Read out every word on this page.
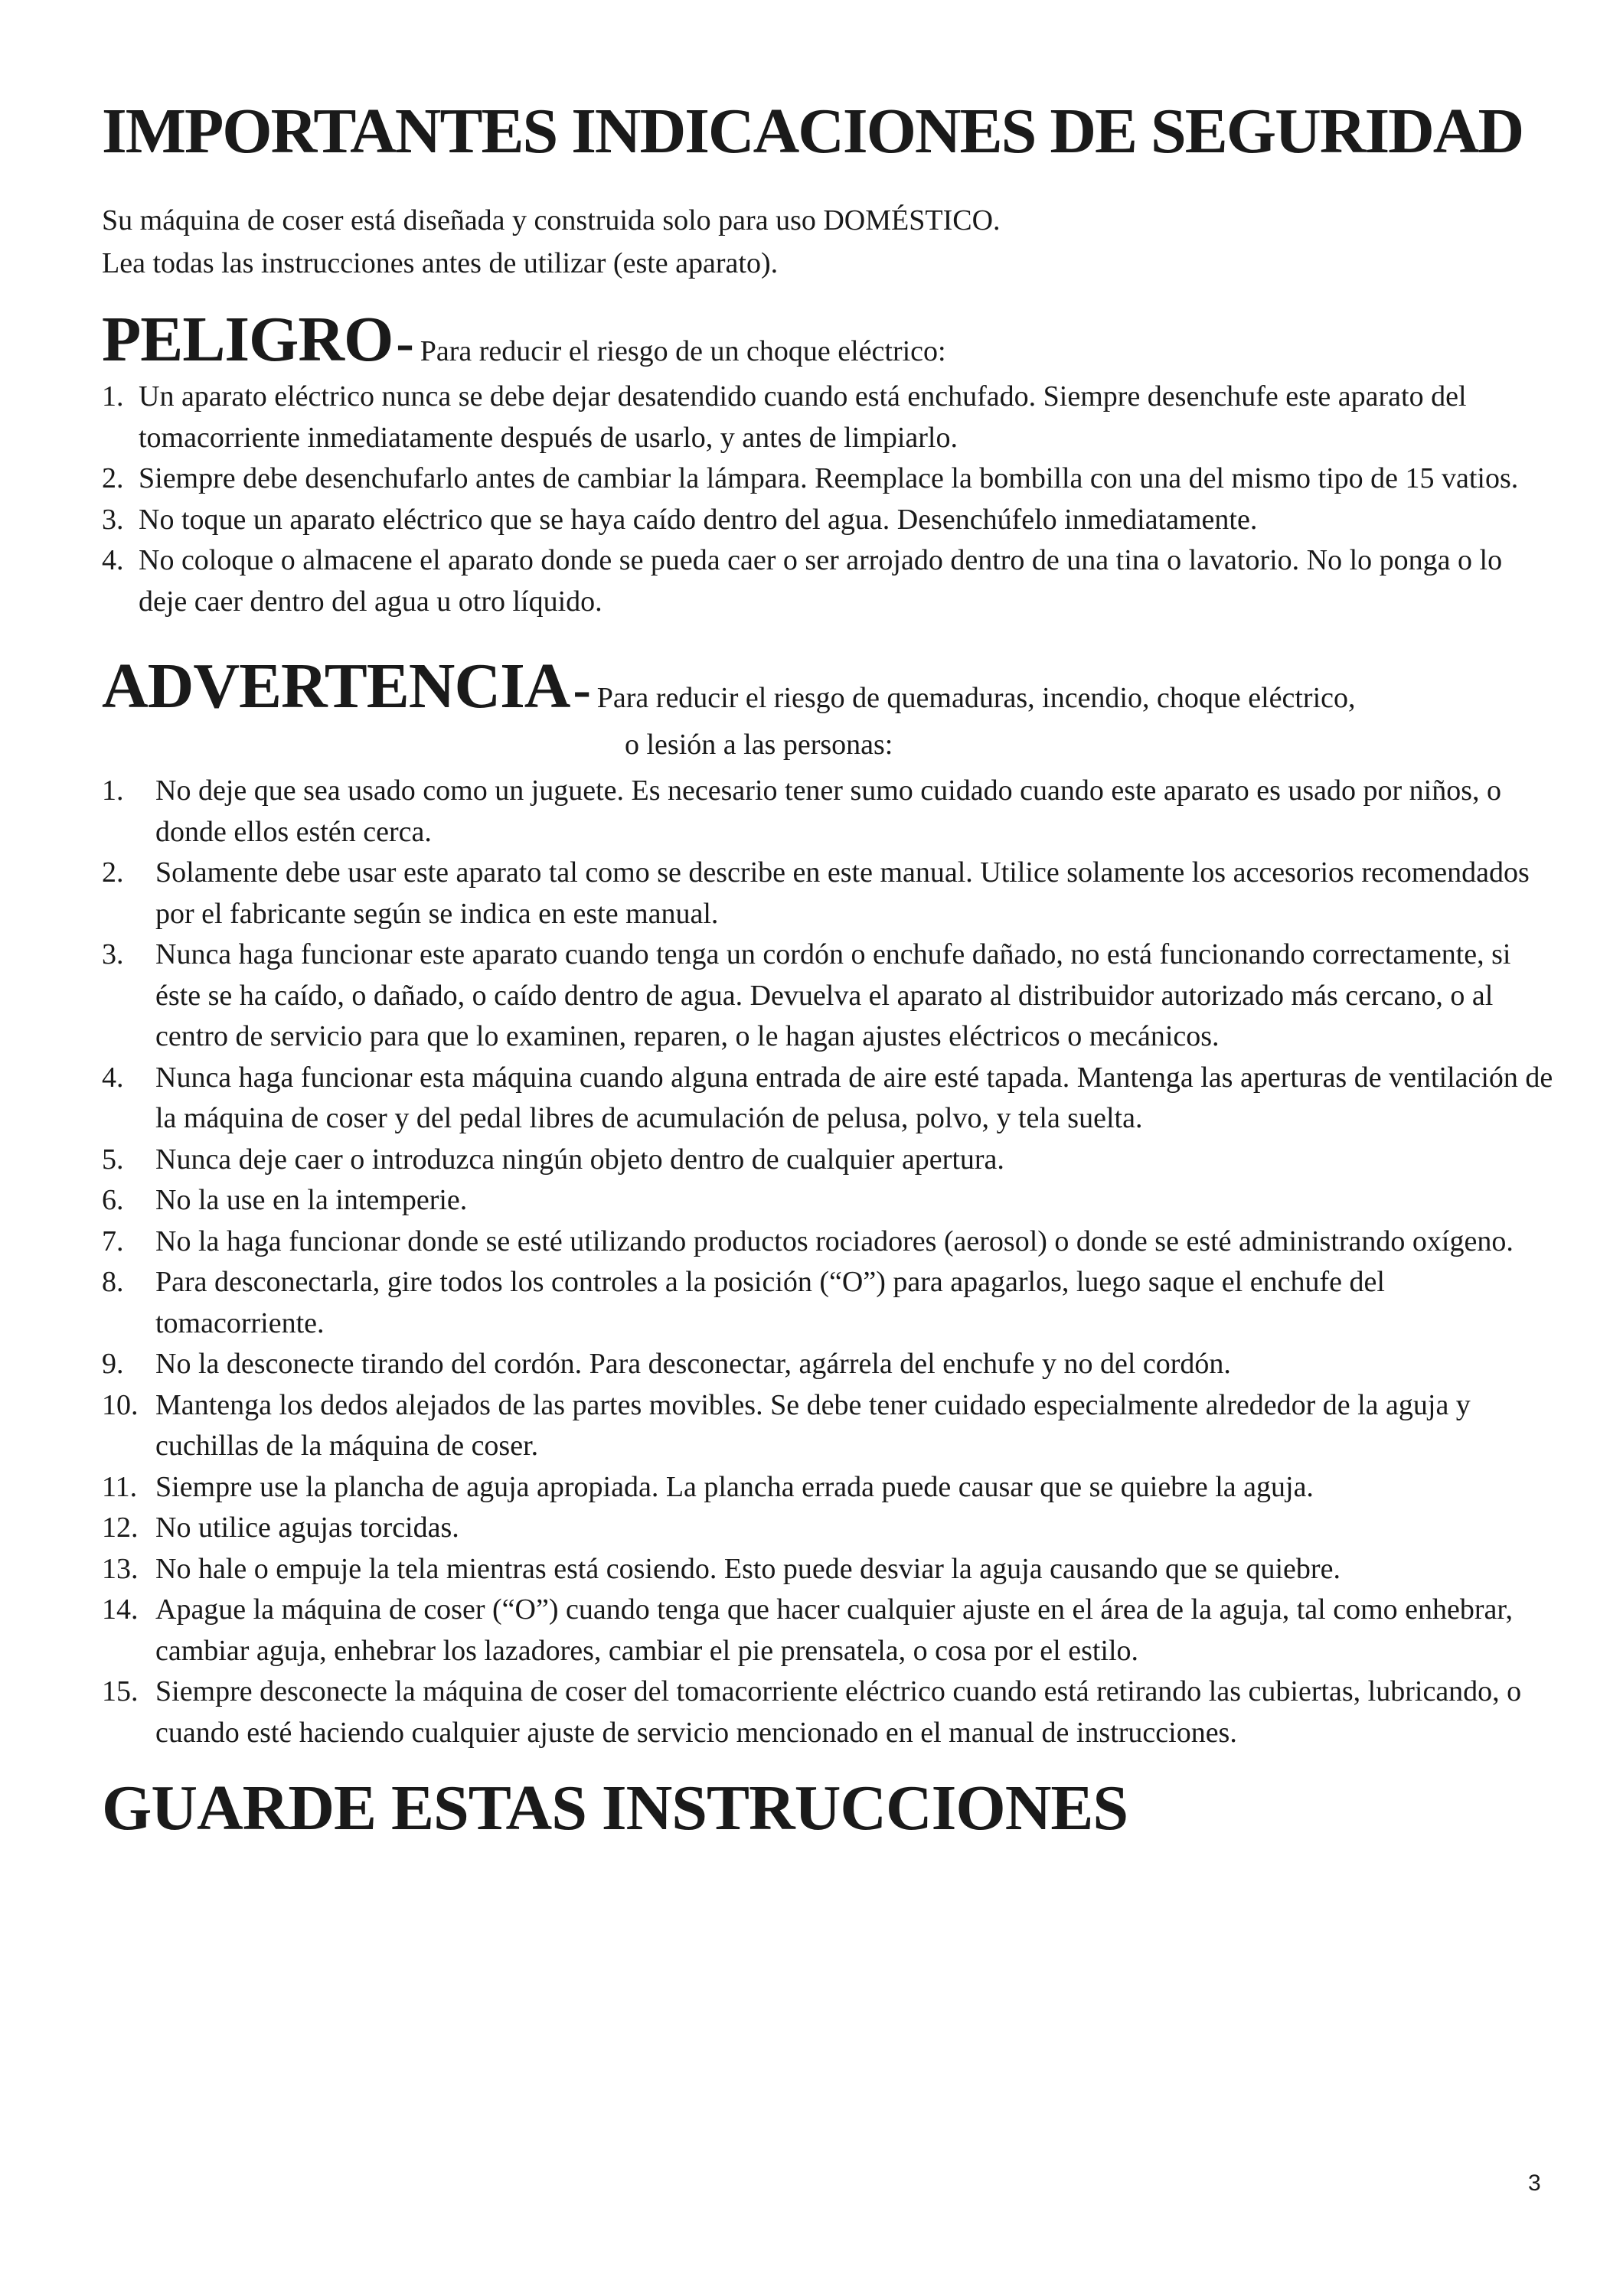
IMPORTANTES INDICACIONES DE SEGURIDAD

Su máquina de coser está diseñada y construida solo para uso DOMÉSTICO.

Lea todas las instrucciones antes de utilizar (este aparato).

PELIGRO- Para reducir el riesgo de un choque eléctrico:
1. Un aparato eléctrico nunca se debe dejar desatendido cuando está enchufado. Siempre desenchufe este aparato del tomacorriente inmediatamente después de usarlo, y antes de limpiarlo.
2. Siempre debe desenchufarlo antes de cambiar la lámpara. Reemplace la bombilla con una del mismo tipo de 15 vatios.
3. No toque un aparato eléctrico que se haya caído dentro del agua. Desenchúfelo inmediatamente.
4. No coloque o almacene el aparato donde se pueda caer o ser arrojado dentro de una tina o lavatorio. No lo ponga o lo deje caer dentro del agua u otro líquido.
ADVERTENCIA- Para reducir el riesgo de quemaduras, incendio, choque eléctrico,
o lesión a las personas:
1.	No deje que sea usado como un juguete. Es necesario tener sumo cuidado cuando este aparato es usado por niños, o donde ellos estén cerca.
2.	Solamente debe usar este aparato tal como se describe en este manual. Utilice solamente los accesorios recomendados por el fabricante según se indica en este manual.
3.	Nunca haga funcionar este aparato cuando tenga un cordón o enchufe dañado, no está funcionando correctamente, si éste se ha caído, o dañado, o caído dentro de agua. Devuelva el aparato al distribuidor autorizado más cercano, o al centro de servicio para que lo examinen, reparen, o le hagan ajustes eléctricos o mecánicos.
4.	Nunca haga funcionar esta máquina cuando alguna entrada de aire esté tapada. Mantenga las aperturas de ventilación de la máquina de coser y del pedal libres de acumulación de pelusa, polvo, y tela suelta.
5.	Nunca deje caer o introduzca ningún objeto dentro de cualquier apertura.
6.	No la use en la intemperie.
7.	No la haga funcionar donde se esté utilizando productos rociadores (aerosol) o donde se esté administrando oxígeno.
8.	Para desconectarla, gire todos los controles a la posición (“O”) para apagarlos, luego saque el enchufe del tomacorriente.
9.	No la desconecte tirando del cordón. Para desconectar, agárrela del enchufe y no del cordón.
10. Mantenga los dedos alejados de las partes movibles. Se debe tener cuidado especialmente alrededor de la aguja y cuchillas de la máquina de coser.
11. Siempre use la plancha de aguja apropiada. La plancha errada puede causar que se quiebre la aguja.
12. No utilice agujas torcidas.
13. No hale o empuje la tela mientras está cosiendo. Esto puede desviar la aguja causando que se quiebre.
14. Apague la máquina de coser (“O”) cuando tenga que hacer cualquier ajuste en el área de la aguja, tal como enhebrar, cambiar aguja, enhebrar los lazadores, cambiar el pie prensatela, o cosa por el estilo.
15. Siempre desconecte la máquina de coser del tomacorriente eléctrico cuando está retirando las cubiertas, lubricando, o cuando esté haciendo cualquier ajuste de servicio mencionado en el manual de instrucciones.
GUARDE ESTAS INSTRUCCIONES
3
